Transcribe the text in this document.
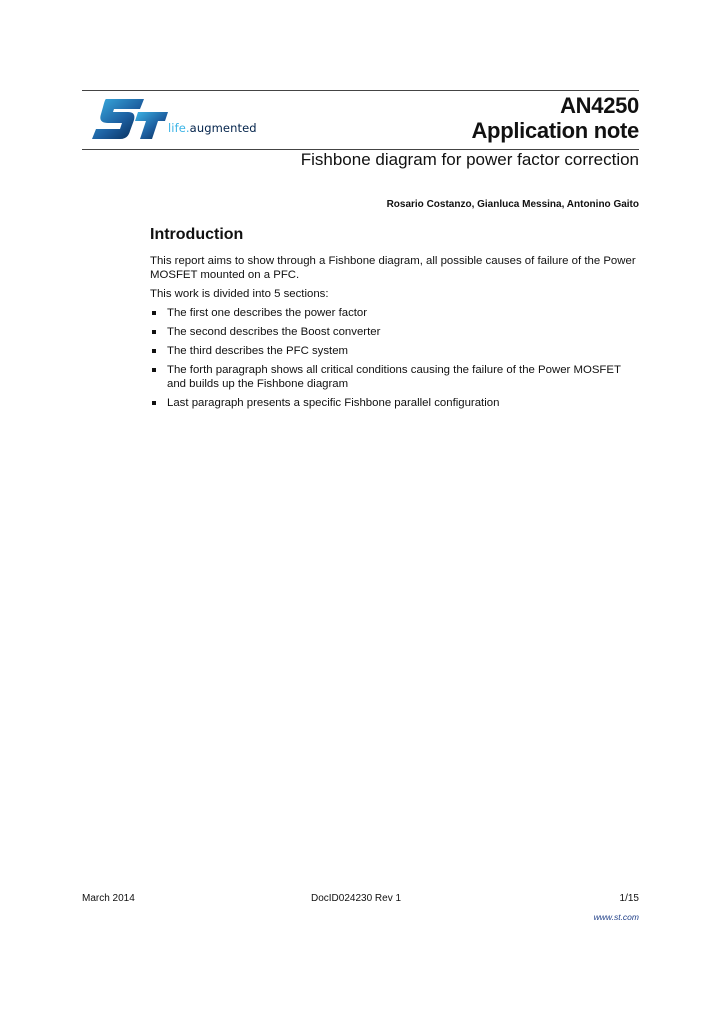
life.augmented
AN4250
Application note
Fishbone diagram for power factor correction
Rosario Costanzo, Gianluca Messina, Antonino Gaito
Introduction

This report aims to show through a Fishbone diagram, all possible causes of failure of the Power MOSFET mounted on a PFC.

This work is divided into 5 sections:

The first one describes the power factor
The second describes the Boost converter
The third describes the PFC system
The forth paragraph shows all critical conditions causing the failure of the Power MOSFET and builds up the Fishbone diagram
Last paragraph presents a specific Fishbone parallel configuration
March 2014	DocID024230 Rev 1	1/15
www.st.com
